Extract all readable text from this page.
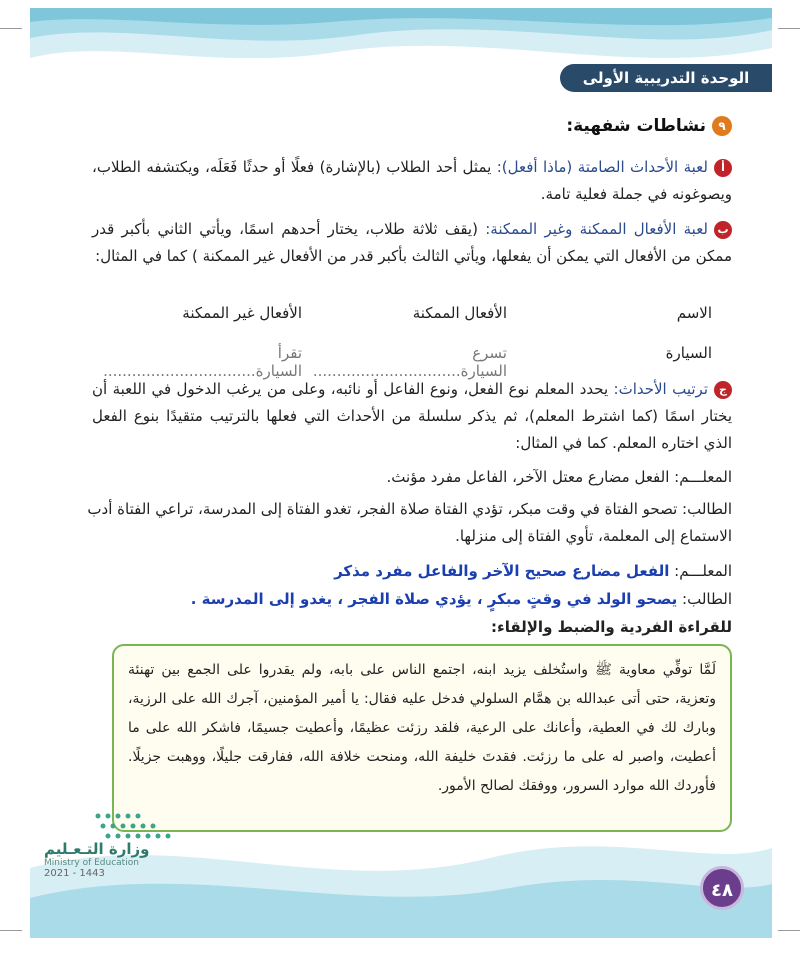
الوحدة التدريبية الأولى
٩
نشاطات شفهية:
ألعبة الأحداث الصامتة (ماذا أفعل): يمثل أحد الطلاب (بالإشارة) فعلًا أو حدثًا فَعَلَه، ويكتشفه الطلاب، ويصوغونه في جملة فعلية تامة.
بلعبة الأفعال الممكنة وغير الممكنة: (يقف ثلاثة طلاب، يختار أحدهم اسمًا، ويأتي الثاني بأكبر قدر ممكن من الأفعال التي يمكن أن يفعلها، ويأتي الثالث بأكبر قدر من الأفعال غير الممكنة ) كما في المثال:
الاسم
الأفعال الممكنة
الأفعال غير الممكنة
السيارة
تسرع السيارة...............................
تقرأ السيارة................................
جترتيب الأحداث: يحدد المعلم نوع الفعل، ونوع الفاعل أو نائبه، وعلى من يرغب الدخول في اللعبة أن يختار اسمًا (كما اشترط المعلم)، ثم يذكر سلسلة من الأحداث التي فعلها بالترتيب متقيدًا بنوع الفعل الذي اختاره المعلم. كما في المثال:
المعلـــم: الفعل مضارع معتل الآخر، الفاعل مفرد مؤنث.
الطالب: تصحو الفتاة في وقت مبكر، تؤدي الفتاة صلاة الفجر، تغدو الفتاة إلى المدرسة، تراعي الفتاة أدب الاستماع إلى المعلمة، تأوي الفتاة إلى منزلها.
المعلـــم: الفعل مضارع صحيح الآخر والفاعل مفرد مذكر
الطالب: يصحو الولد في وقتٍ مبكرٍ ، يؤدي صلاة الفجر ، يغدو إلى المدرسة .
للقراءة الفردية والضبط والإلقاء:
لَمَّا توفِّي معاوية ﷺ واستُخلف يزيد ابنه، اجتمع الناس على بابه، ولم يقدروا على الجمع بين تهنئة وتعزية، حتى أتى عبدالله بن همَّام السلولي فدخل عليه فقال: يا أمير المؤمنين، آجرك الله على الرزية، وبارك لك في العطية، وأعانك على الرعية، فلقد رزئت عظيمًا، وأعطيت جسيمًا، فاشكر الله على ما أعطيت، واصبر له على ما رزئت. فقدتَ خليفة الله، ومنحت خلافة الله، ففارقت جليلًا، ووهبت جزيلًا. فأوردك الله موارد السرور، ووفقك لصالح الأمور.
وزارة التـعـليم
Ministry of Education
2021 - 1443
٤٨
